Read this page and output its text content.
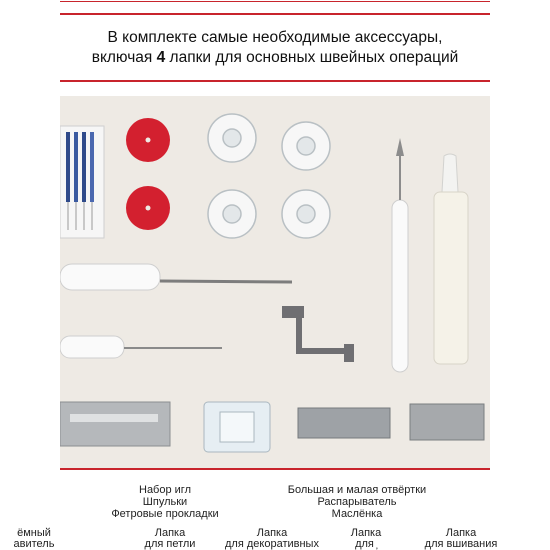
В комплекте самые необходимые аксессуары,
включая 4 лапки для основных швейных операций
Набор игл
Шпульки
Фетровые прокладки
Большая и малая отвёртки
Распарыватель
Маслёнка
ёмный
авитель
Лапка
для петли
Лапка
для декоративных
Лапка
для ̦
Лапка
для вшивания
